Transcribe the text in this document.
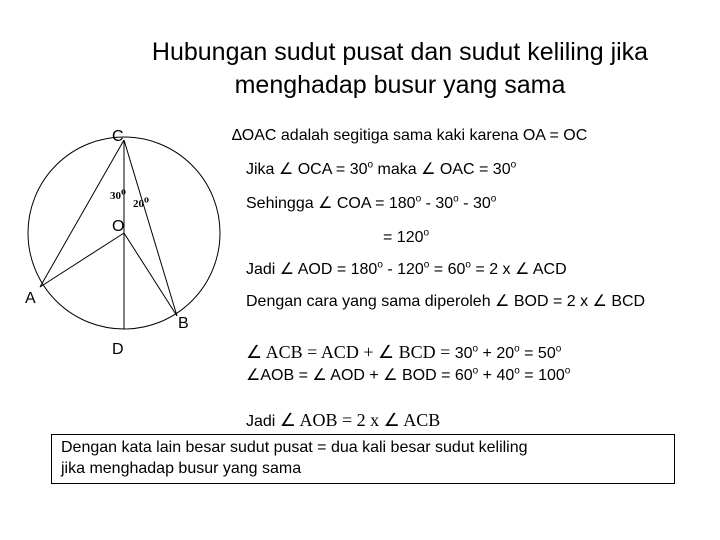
Hubungan sudut pusat dan sudut keliling jika
menghadap busur yang sama
C
O
A
B
D
30$^o$
20$^o$
∆OAC adalah segitiga sama kaki karena OA = OC
Jika ∠ OCA = $30^o$ maka ∠ OAC = $30^o$
Sehingga ∠ COA = $180^o - 30^o - 30^o$
= $120^o$
Jadi ∠ AOD = $180^o - 120^o = 60^o = 2$ x ∠ ACD
Dengan cara yang sama diperoleh ∠ BOD = 2 x ∠ BCD
∠ ACB = ACD + ∠ BCD = $30^o + 20^o = 50^o$
∠AOB = ∠ AOD + ∠ BOD = $60^o + 40^o = 100^o$
Jadi ∠ AOB = 2 x ∠ ACB
Dengan kata lain besar sudut pusat = dua kali besar sudut keliling
jika menghadap busur yang sama
